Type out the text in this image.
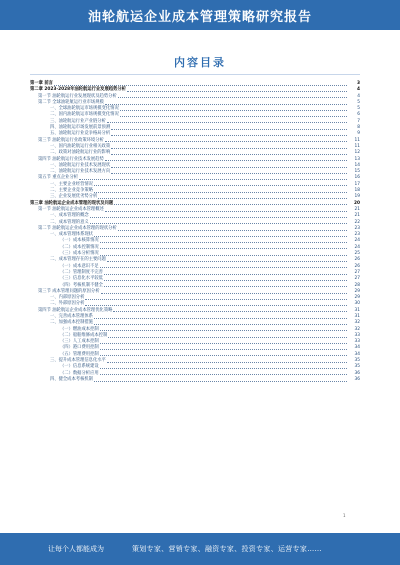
油轮航运企业成本管理策略研究报告
内容目录
第一章 前言	3
第二章 2023-2028年油轮航运行业发展趋势分析	4
第一节 油轮航运行业发展现状及趋势分析	4
第二节 全球油轮航运行业市场规模	5
一、全球油轮航运市场规模变化情况	5
二、国内油轮航运市场规模变化情况	6
三、油轮航运行业产业链分析	7
四、油轮航运市场发展前景预测	8
五、油轮航运行业竞争格局分析	9
第三节 油轮航运行业政策环境分析	11
一、国内油轮航运行业相关政策	11
二、政策对油轮航运行业的影响	12
第四节 油轮航运行业技术发展趋势	13
一、油轮航运行业技术发展现状	14
二、油轮航运行业技术发展方向	15
第五节 重点企业分析	16
一、主要企业经营情况	17
二、主要企业竞争策略	18
三、企业发展优劣势分析	19
第三章 油轮航运企业成本管理的现状及问题	20
第一节 油轮航运企业成本管理概述	21
一、成本管理的概念	21
二、成本管理的意义	22
第二节 油轮航运企业成本管理的现状分析	23
一、成本管理体系现状	23
（一）成本核算情况	24
（二）成本控制情况	24
（三）成本分析情况	25
二、成本管理存在的主要问题	26
（一）成本意识不足	26
（二）管理制度不完善	27
（三）信息化水平较低	27
（四）考核机制不健全	28
第三节 成本管理问题的原因分析	29
一、内部原因分析	29
二、外部原因分析	30
第四节 油轮航运企业成本管理优化策略	31
一、完善成本管理体系	31
二、加强成本控制措施	32
（一）燃油成本控制	32
（二）船舶维修成本控制	33
（三）人工成本控制	33
（四）港口费用控制	34
（五）管理费用控制	34
三、提升成本管理信息化水平	35
（一）信息系统建设	35
（二）数据分析应用	36
四、健全成本考核机制	36
1
让每个人都能成为	策划专家、营销专家、融资专家、投资专家、运营专家……
